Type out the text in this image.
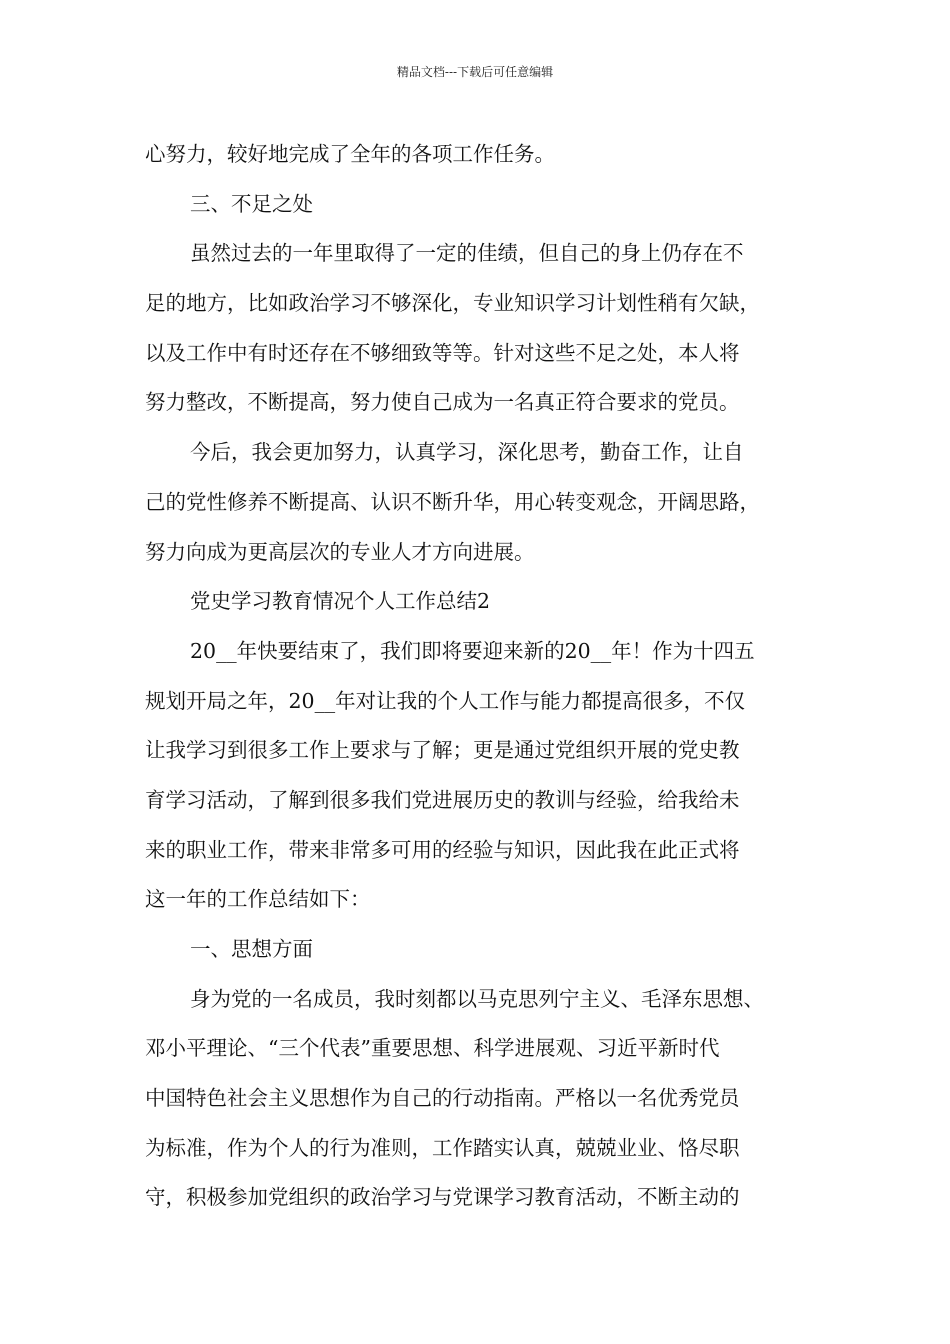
精品文档---下载后可任意编辑
心努力，较好地完成了全年的各项工作任务。
三、不足之处
虽然过去的一年里取得了一定的佳绩，但自己的身上仍存在不
足的地方，比如政治学习不够深化，专业知识学习计划性稍有欠缺，
以及工作中有时还存在不够细致等等。针对这些不足之处，本人将
努力整改，不断提高，努力使自己成为一名真正符合要求的党员。
今后，我会更加努力，认真学习，深化思考，勤奋工作，让自
己的党性修养不断提高、认识不断升华，用心转变观念，开阔思路，
努力向成为更高层次的专业人才方向进展。
党史学习教育情况个人工作总结2
20__年快要结束了，我们即将要迎来新的20__年！作为十四五
规划开局之年，20__年对让我的个人工作与能力都提高很多，不仅
让我学习到很多工作上要求与了解；更是通过党组织开展的党史教
育学习活动，了解到很多我们党进展历史的教训与经验，给我给未
来的职业工作，带来非常多可用的经验与知识，因此我在此正式将
这一年的工作总结如下：
一、思想方面
身为党的一名成员，我时刻都以马克思列宁主义、毛泽东思想、
邓小平理论、“三个代表”重要思想、科学进展观、习近平新时代
中国特色社会主义思想作为自己的行动指南。严格以一名优秀党员
为标准，作为个人的行为准则，工作踏实认真，兢兢业业、恪尽职
守，积极参加党组织的政治学习与党课学习教育活动，不断主动的
